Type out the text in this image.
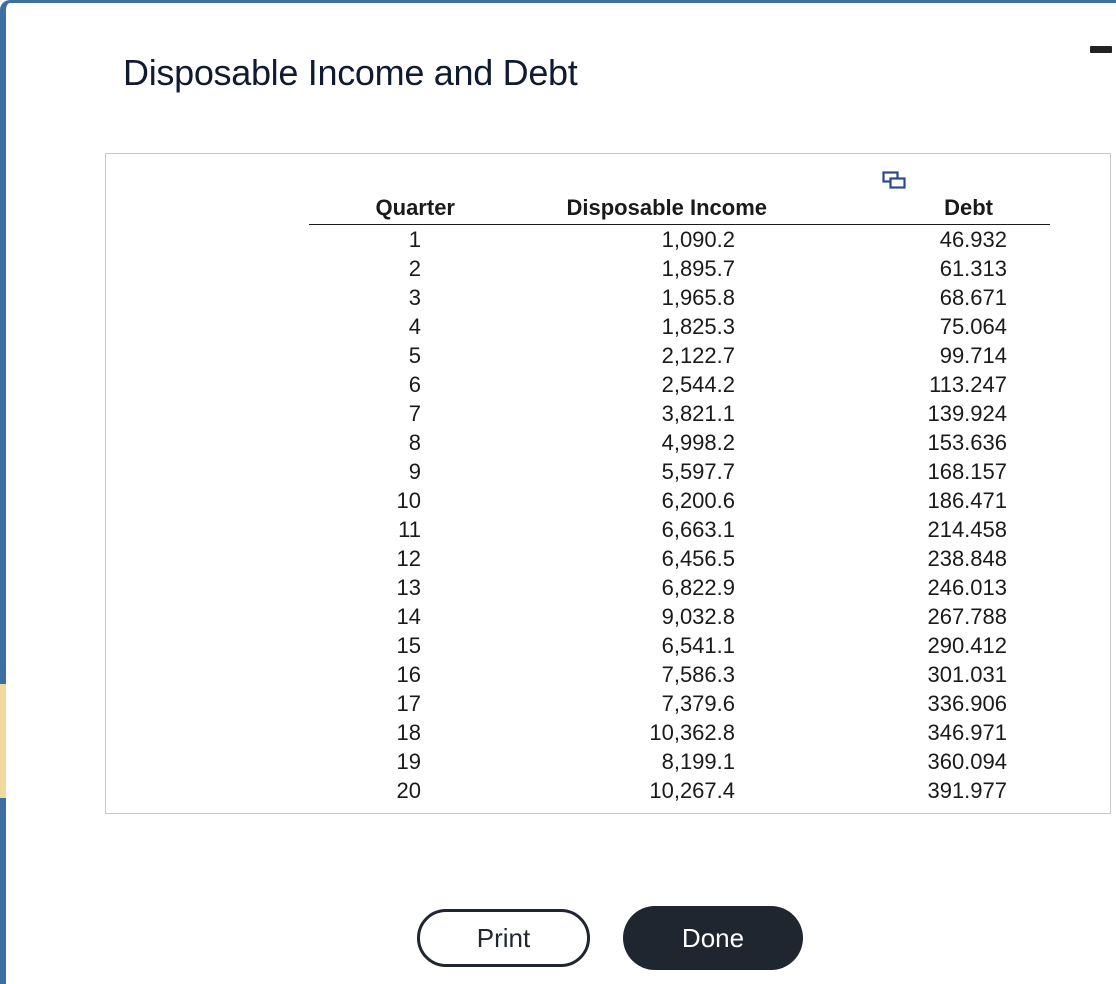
Disposable Income and Debt
Quarter	Disposable Income	Debt
1	1,090.2	46.932
2	1,895.7	61.313
3	1,965.8	68.671
4	1,825.3	75.064
5	2,122.7	99.714
6	2,544.2	113.247
7	3,821.1	139.924
8	4,998.2	153.636
9	5,597.7	168.157
10	6,200.6	186.471
11	6,663.1	214.458
12	6,456.5	238.848
13	6,822.9	246.013
14	9,032.8	267.788
15	6,541.1	290.412
16	7,586.3	301.031
17	7,379.6	336.906
18	10,362.8	346.971
19	8,199.1	360.094
20	10,267.4	391.977
Print	Done
